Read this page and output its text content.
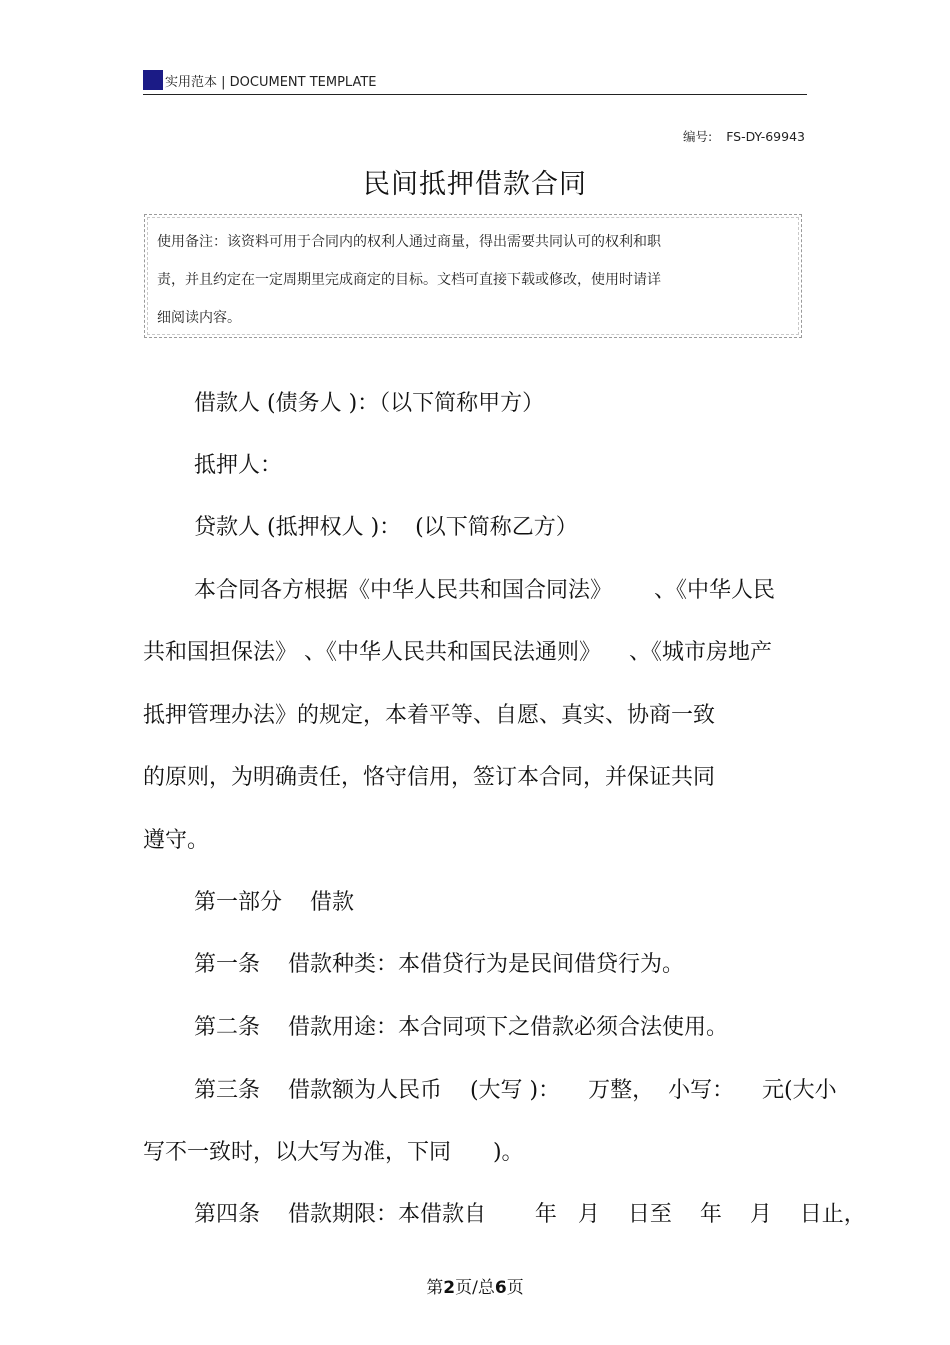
实用范本 | DOCUMENT TEMPLATE
编号: FS-DY-69943
民间抵押借款合同
使用备注：该资料可用于合同内的权利人通过商量，得出需要共同认可的权利和职
责，并且约定在一定周期里完成商定的目标。文档可直接下载或修改，使用时请详
细阅读内容。
借款人 (债务人 )：（以下简称甲方）
抵押人：
贷款人 (抵押权人 )：  (以下简称乙方）
本合同各方根据《中华人民共和国合同法》      、《中华人民
共和国担保法》 、《中华人民共和国民法通则》    、《城市房地产
抵押管理办法》的规定，本着平等、自愿、真实、协商一致
的原则，为明确责任，恪守信用，签订本合同，并保证共同
遵守。
第一部分    借款
第一条    借款种类：本借贷行为是民间借贷行为。
第二条    借款用途：本合同项下之借款必须合法使用。
第三条    借款额为人民币    (大写 )：    万整，  小写：    元(大小
写不一致时，以大写为准，下同      )。
第四条    借款期限：本借款自       年   月    日至    年    月    日止，
第2页/总6页
